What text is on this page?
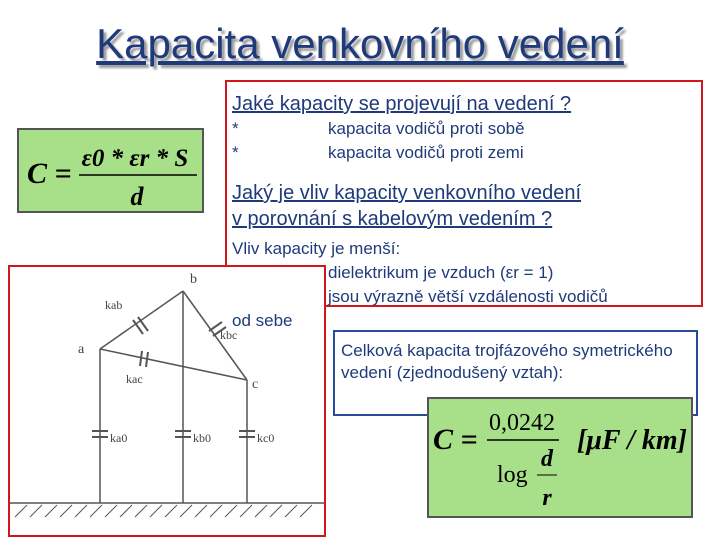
Kapacita venkovního vedení
C = ε0 * εr * S
d
Jaké kapacity se projevují na vedení ?
*	kapacita vodičů proti sobě
*	kapacita vodičů proti zemi
Jaký je vliv kapacity venkovního vedení
v porovnání s kabelovým vedením ?
Vliv kapacity je menší:
dielektrikum je vzduch (εr = 1)
jsou výrazně větší vzdálenosti vodičů
b
a
c
kab
kbc
kac
ka0	kb0	kc0
od sebe
Celková kapacita trojfázového symetrického vedení (zjednodušený vztah):
C = 0,0242
log
d
r
[μF / km]
